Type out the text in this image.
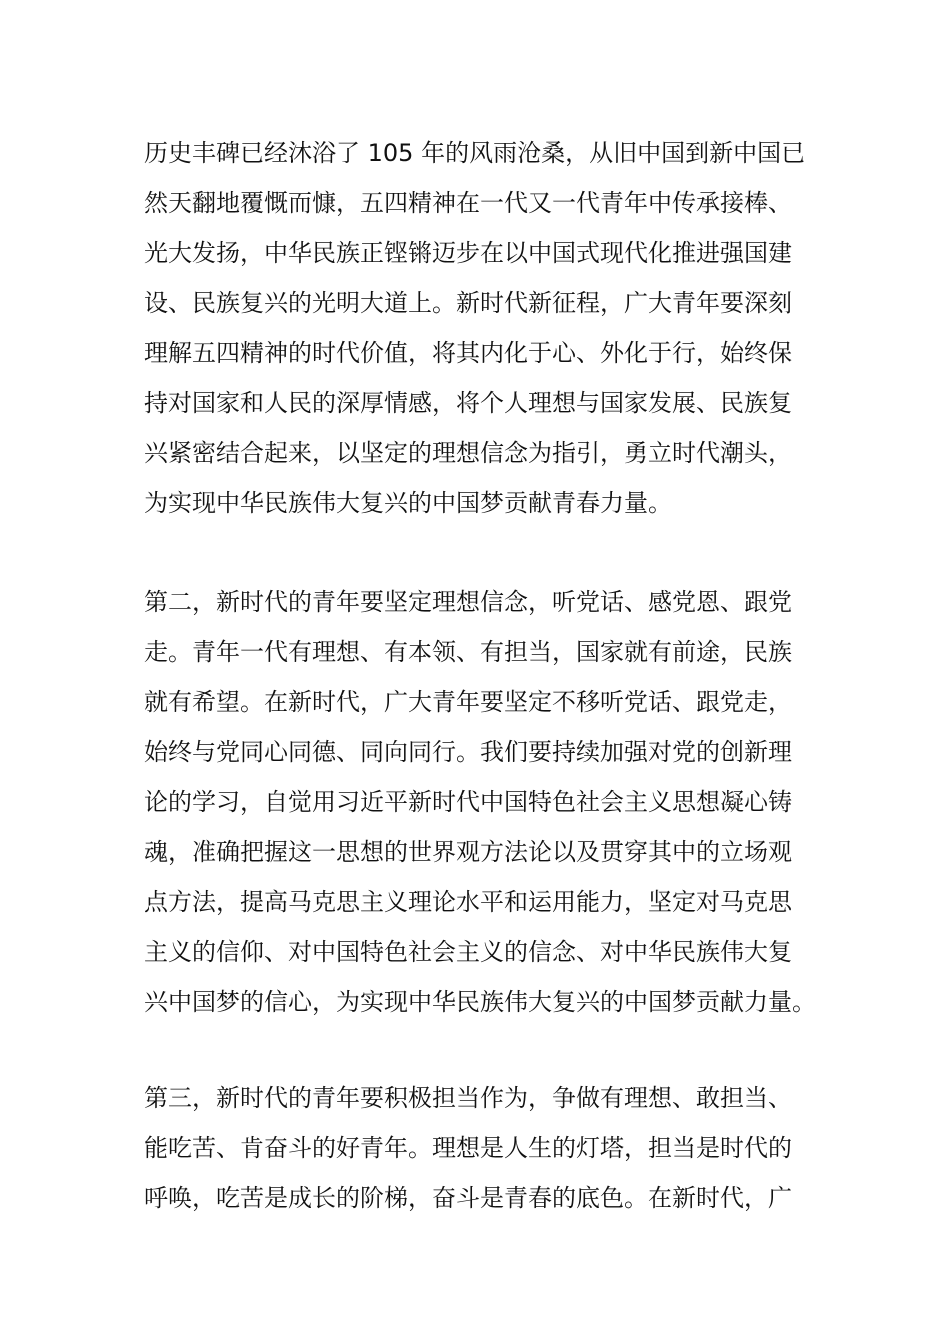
历史丰碑已经沐浴了 105 年的风雨沧桑，从旧中国到新中国已
然天翻地覆慨而慷，五四精神在一代又一代青年中传承接棒、
光大发扬，中华民族正铿锵迈步在以中国式现代化推进强国建
设、民族复兴的光明大道上。新时代新征程，广大青年要深刻
理解五四精神的时代价值，将其内化于心、外化于行，始终保
持对国家和人民的深厚情感，将个人理想与国家发展、民族复
兴紧密结合起来，以坚定的理想信念为指引，勇立时代潮头，
为实现中华民族伟大复兴的中国梦贡献青春力量。
第二，新时代的青年要坚定理想信念，听党话、感党恩、跟党
走。青年一代有理想、有本领、有担当，国家就有前途，民族
就有希望。在新时代，广大青年要坚定不移听党话、跟党走，
始终与党同心同德、同向同行。我们要持续加强对党的创新理
论的学习，自觉用习近平新时代中国特色社会主义思想凝心铸
魂，准确把握这一思想的世界观方法论以及贯穿其中的立场观
点方法，提高马克思主义理论水平和运用能力，坚定对马克思
主义的信仰、对中国特色社会主义的信念、对中华民族伟大复
兴中国梦的信心，为实现中华民族伟大复兴的中国梦贡献力量。
第三，新时代的青年要积极担当作为，争做有理想、敢担当、
能吃苦、肯奋斗的好青年。理想是人生的灯塔，担当是时代的
呼唤，吃苦是成长的阶梯，奋斗是青春的底色。在新时代，广
